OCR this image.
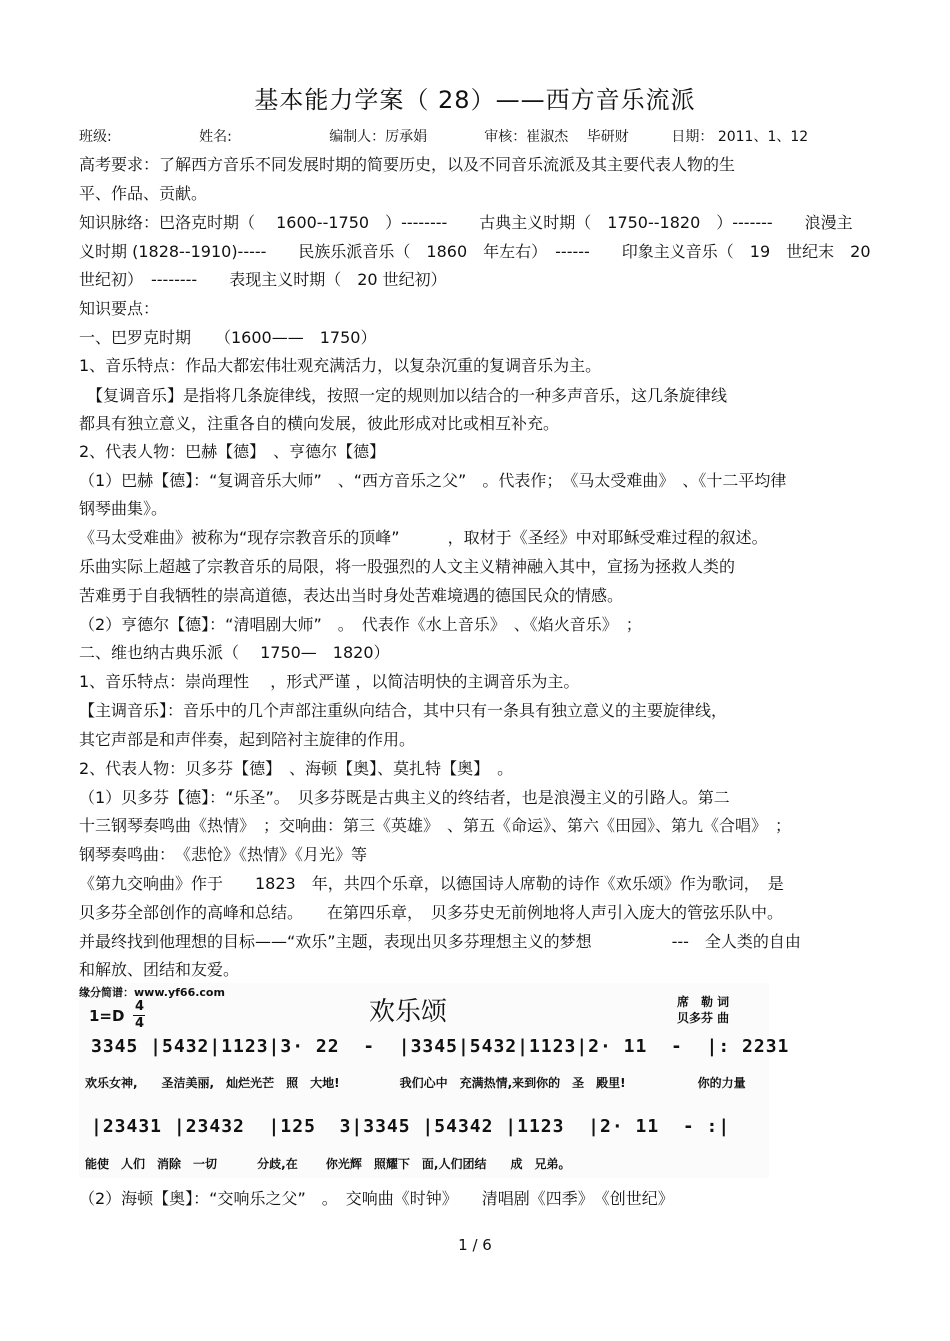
基本能力学案（ 28）——西方音乐流派
班级:	姓名:	编制人：厉承娟	审核：崔淑杰　 毕研财	日期： 2011、1、12
高考要求：了解西方音乐不同发展时期的简要历史，以及不同音乐流派及其主要代表人物的生
平、作品、贡献。
知识脉络：巴洛克时期（　 1600--1750　）--------　　古典主义时期（　1750--1820　）-------　　浪漫主
义时期 (1828--1910)-----　　民族乐派音乐（　1860　年左右）　------　　印象主义音乐（　19　世纪末　20
世纪初）　--------　　表现主义时期（　20 世纪初）
知识要点：
一、巴罗克时期　　（1600——　1750）
1、音乐特点：作品大都宏伟壮观充满活力，以复杂沉重的复调音乐为主。
　【复调音乐】是指将几条旋律线，按照一定的规则加以结合的一种多声音乐，这几条旋律线
都具有独立意义，注重各自的横向发展，彼此形成对比或相互补充。
2、代表人物：巴赫【德】　、亨德尔【德】
（1）巴赫【德】：“复调音乐大师”　、“西方音乐之父”　。代表作；　《马太受难曲》　、《十二平均律
钢琴曲集》。
《马太受难曲》被称为“现存宗教音乐的顶峰”　　　，取材于《圣经》中对耶稣受难过程的叙述。
乐曲实际上超越了宗教音乐的局限，将一股强烈的人文主义精神融入其中，宣扬为拯救人类的
苦难勇于自我牺牲的崇高道德，表达出当时身处苦难境遇的德国民众的情感。
（2）亨德尔【德】：“清唱剧大师”　。　代表作《水上音乐》　、《焰火音乐》　；
二、维也纳古典乐派（　 1750—　1820）
1、音乐特点：崇尚理性　 ，形式严谨 ，以简洁明快的主调音乐为主。
【主调音乐】：音乐中的几个声部注重纵向结合，其中只有一条具有独立意义的主要旋律线，
其它声部是和声伴奏，起到陪衬主旋律的作用。
2、代表人物：贝多芬【德】　、海顿【奥】、莫扎特【奥】　。
（1）贝多芬【德】：“乐圣”。　贝多芬既是古典主义的终结者，也是浪漫主义的引路人。第二
十三钢琴奏鸣曲《热情》　；交响曲：第三《英雄》　、第五《命运》、第六《田园》、第九《合唱》　；
钢琴奏鸣曲：　《悲怆》《热情》《月光》等
《第九交响曲》作于　　1823　年，共四个乐章，以德国诗人席勒的诗作《欢乐颂》作为歌词，　是
贝多芬全部创作的高峰和总结。　　在第四乐章，　贝多芬史无前例地将人声引入庞大的管弦乐队中。
并最终找到他理想的目标——“欢乐”主题，表现出贝多芬理想主义的梦想　　　　　---　全人类的自由
和解放、团结和友爱。
缘分简谱：www.yf66.com
1=D
4
4	欢乐颂	席　勒 词
贝多芬 曲
3345 |5432|1123|3· 22  -  |3345|5432|1123|2· 11  -  |: 2231
欢乐女神,　　圣洁美丽,　灿烂光芒　照　大地!　　　　　我们心中　充满热情,来到你的　圣　殿里!　　　　　　你的力量
|23431 |23432  |125  3|3345 |54342 |1123  |2· 11  - :|
能使　人们　消除　一切　　　 分歧,在　　 你光辉　照耀下　面,人们团结　　成　兄弟。
（2）海顿【奥】：“交响乐之父”　。　交响曲《时钟》　　清唱剧《四季》　《创世纪》
1 / 6
